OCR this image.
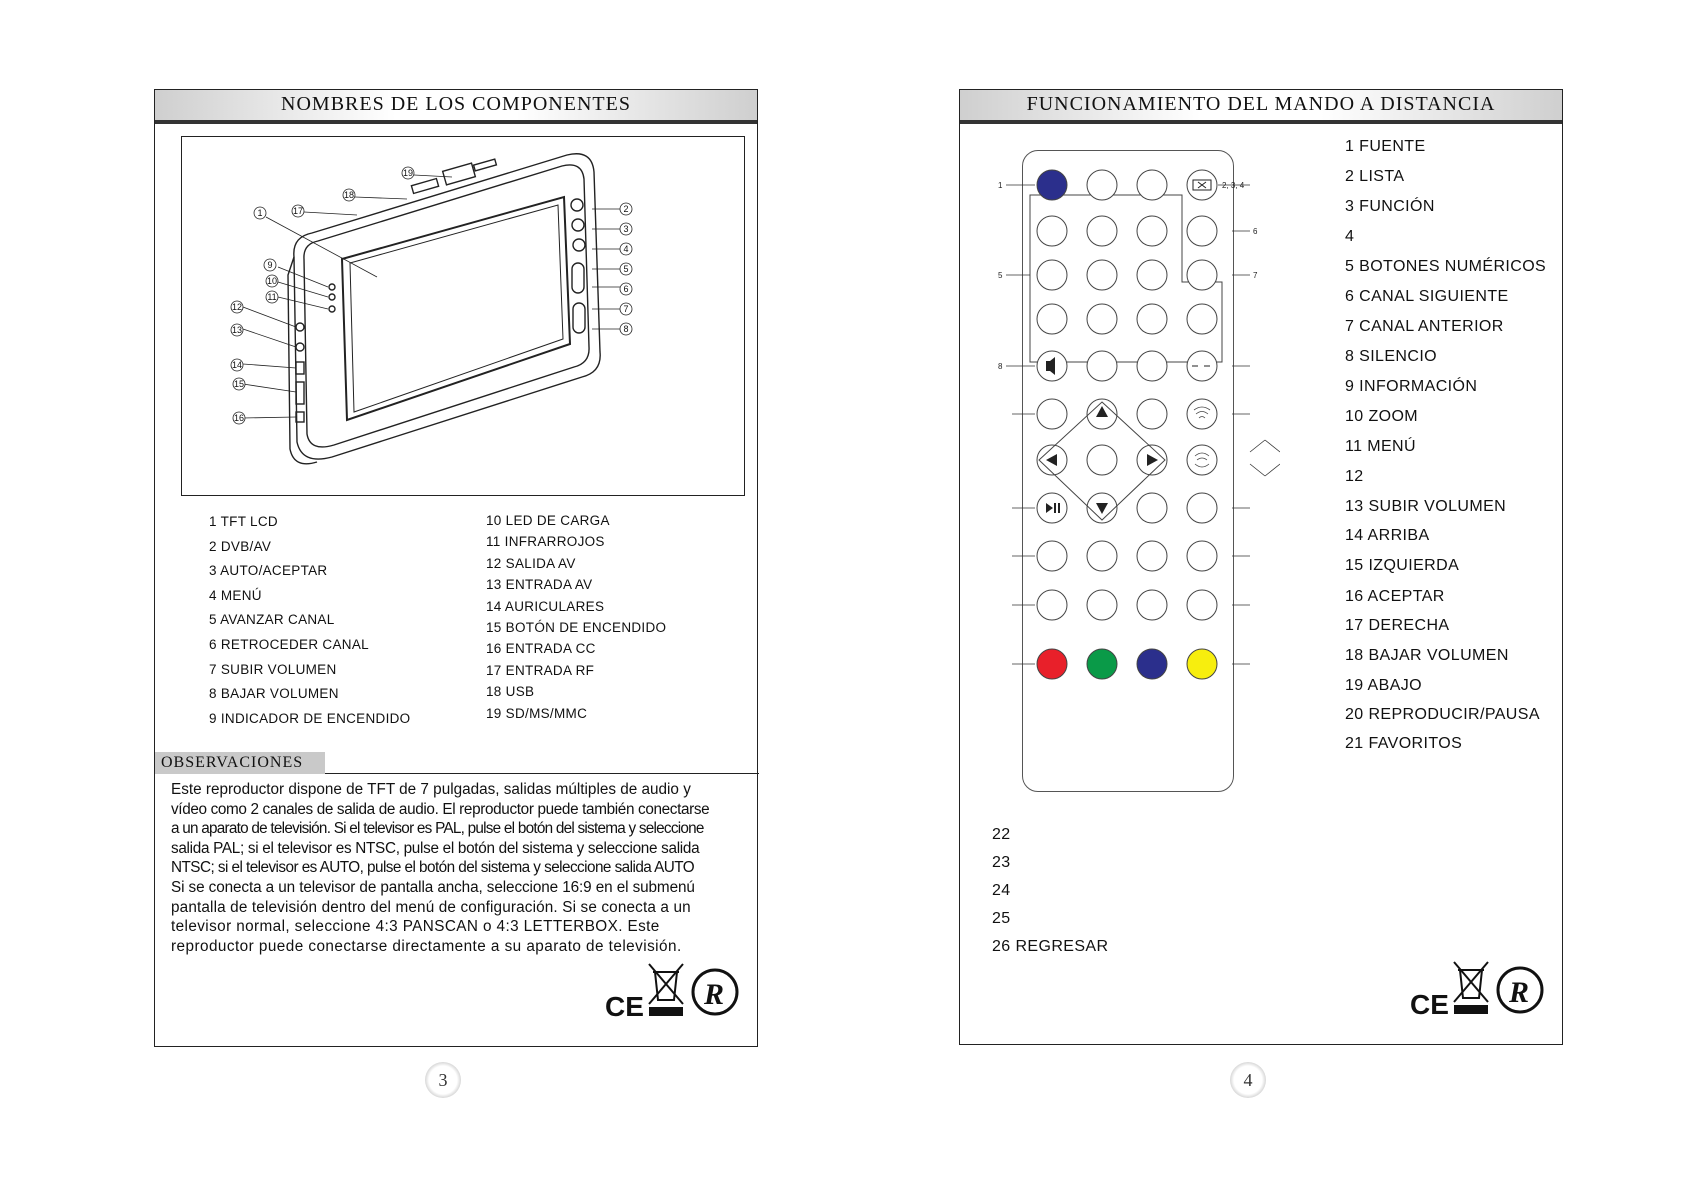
NOMBRES DE LOS COMPONENTES
1	2
3
4
5
6
7
8
9
10
11
12
13
14
15
16
17
18
19
1 TFT LCD
2 DVB/AV
3 AUTO/ACEPTAR
4 MENÚ
5 AVANZAR CANAL
6 RETROCEDER CANAL
7 SUBIR VOLUMEN
8 BAJAR VOLUMEN
9 INDICADOR DE ENCENDIDO
10 LED DE CARGA
11 INFRARROJOS
12 SALIDA AV
13 ENTRADA AV
14 AURICULARES
15 BOTÓN DE ENCENDIDO
16 ENTRADA CC
17 ENTRADA RF
18 USB
19 SD/MS/MMC
OBSERVACIONES
Este reproductor dispone de TFT de 7 pulgadas, salidas múltiples de audio y
vídeo como 2 canales de salida de audio. El reproductor puede también conectarse
a un aparato de televisión. Si el televisor es PAL, pulse el botón del sistema y seleccione
salida PAL; si el televisor es NTSC, pulse el botón del sistema y seleccione salida
NTSC; si el televisor es AUTO, pulse el botón del sistema y seleccione salida AUTO
Si se conecta a un televisor de pantalla ancha, seleccione 16:9 en el submenú
pantalla de televisión dentro del menú de configuración. Si se conecta a un
televisor normal, seleccione 4:3 PANSCAN o 4:3 LETTERBOX. Este
reproductor puede conectarse directamente a su aparato de televisión.
CE R
3
FUNCIONAMIENTO DEL MANDO A DISTANCIA
1	2, 3, 4
5
6
7
8
1 FUENTE
2 LISTA
3 FUNCIÓN
4
5 BOTONES NUMÉRICOS
6 CANAL SIGUIENTE
7 CANAL ANTERIOR
8 SILENCIO
9 INFORMACIÓN
10 ZOOM
11 MENÚ
12
13 SUBIR VOLUMEN
14 ARRIBA
15 IZQUIERDA
16 ACEPTAR
17 DERECHA
18 BAJAR VOLUMEN
19 ABAJO
20 REPRODUCIR/PAUSA
21 FAVORITOS
22
23
24
25
26 REGRESAR
CE R
4
